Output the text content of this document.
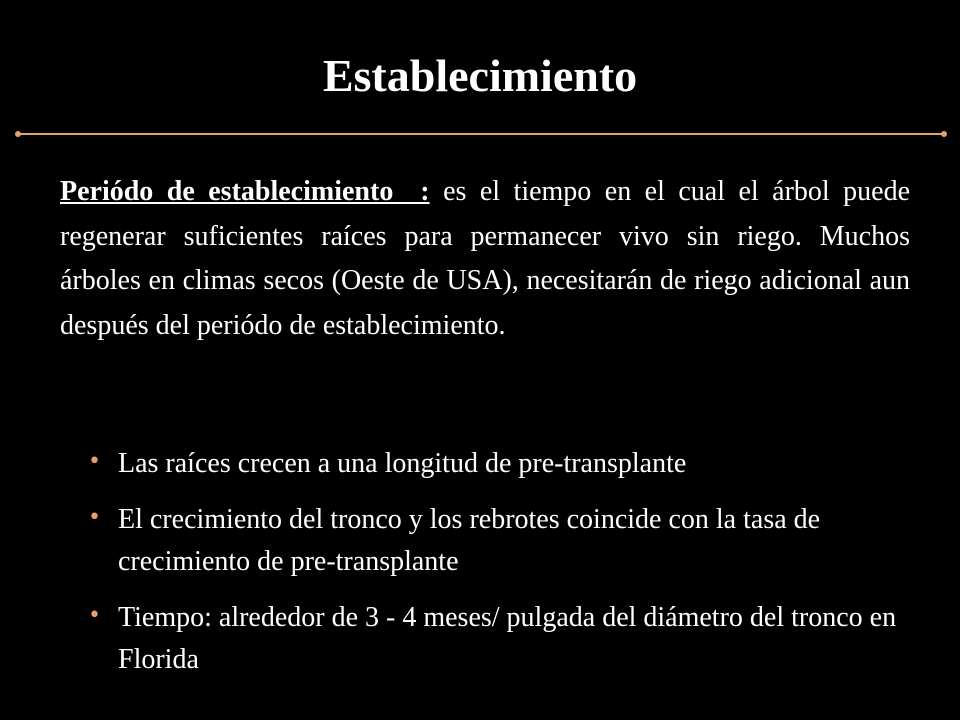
Establecimiento
Periódo de establecimiento  : es el tiempo en el cual el árbol puede regenerar suficientes raíces para permanecer vivo sin riego. Muchos árboles en climas secos (Oeste de USA), necesitarán de riego adicional aun después del periódo de establecimiento.
• Las raíces crecen a una longitud de pre-transplante
• El crecimiento del tronco y los rebrotes coincide con la tasa de crecimiento de pre-transplante
• Tiempo: alrededor de 3 - 4 meses/ pulgada del diámetro del tronco en Florida
